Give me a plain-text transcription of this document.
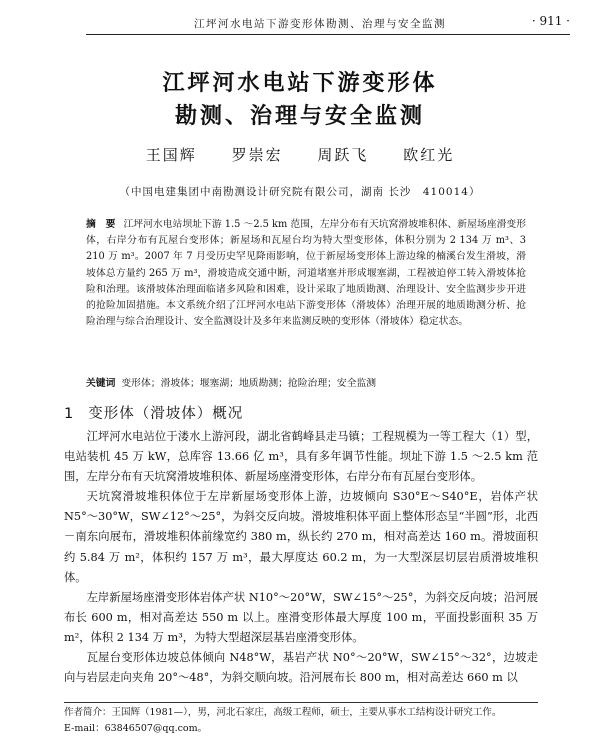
江坪河水电站下游变形体勘测、治理与安全监测	· 911 ·
江坪河水电站下游变形体
勘测、治理与安全监测
王国辉 罗崇宏 周跃飞 欧红光
（中国电建集团中南勘测设计研究院有限公司，湖南 长沙　410014）
摘　要 江坪河水电站坝址下游 1.5 ～2.5 km 范围，左岸分布有天坑窝滑坡堆积体、新屋场座滑变形体，右岸分布有瓦屋台变形体；新屋场和瓦屋台均为特大型变形体，体积分别为 2 134 万 m³、3 210 万 m³。2007 年 7 月受历史罕见降雨影响，位于新屋场变形体上游边缘的楠溪台发生滑坡，滑坡体总方量约 265 万 m³，滑坡造成交通中断，河道堵塞并形成堰塞湖，工程被迫停工转入滑坡体抢险和治理。该滑坡体治理面临诸多风险和困难，设计采取了地质勘测、治理设计、安全监测步步开进的抢险加固措施。本文系统介绍了江坪河水电站下游变形体（滑坡体）治理开展的地质勘测分析、抢险治理与综合治理设计、安全监测设计及多年来监测反映的变形体（滑坡体）稳定状态。
关键词 变形体；滑坡体；堰塞湖；地质勘测；抢险治理；安全监测
1 变形体（滑坡体）概况

江坪河水电站位于溇水上游河段，湖北省鹤峰县走马镇；工程规模为一等工程大（1）型，电站装机 45 万 kW，总库容 13.66 亿 m³，具有多年调节性能。坝址下游 1.5 ～2.5 km 范围，左岸分布有天坑窝滑坡堆积体、新屋场座滑变形体，右岸分布有瓦屋台变形体。

天坑窝滑坡堆积体位于左岸新屋场变形体上游，边坡倾向 S30°E～S40°E，岩体产状 N5°～30°W，SW∠12°～25°，为斜交反向坡。滑坡堆积体平面上整体形态呈“半圆”形，北西－南东向展布，滑坡堆积体前缘宽约 380 m，纵长约 270 m，相对高差达 160 m。滑坡面积约 5.84 万 m²，体积约 157 万 m³，最大厚度达 60.2 m，为一大型深层切层岩质滑坡堆积体。

左岸新屋场座滑变形体岩体产状 N10°～20°W，SW∠15°～25°，为斜交反向坡；沿河展布长 600 m，相对高差达 550 m 以上。座滑变形体最大厚度 100 m，平面投影面积 35 万 m²，体积 2 134 万 m³，为特大型超深层基岩座滑变形体。

瓦屋台变形体边坡总体倾向 N48°W，基岩产状 N0°～20°W，SW∠15°～32°，边坡走向与岩层走向夹角 20°～48°，为斜交顺向坡。沿河展布长 800 m，相对高差达 660 m 以

作者简介：王国辉（1981—），男，河北石家庄，高级工程师，硕士，主要从事水工结构设计研究工作。
E-mail：63846507@qq.com。
